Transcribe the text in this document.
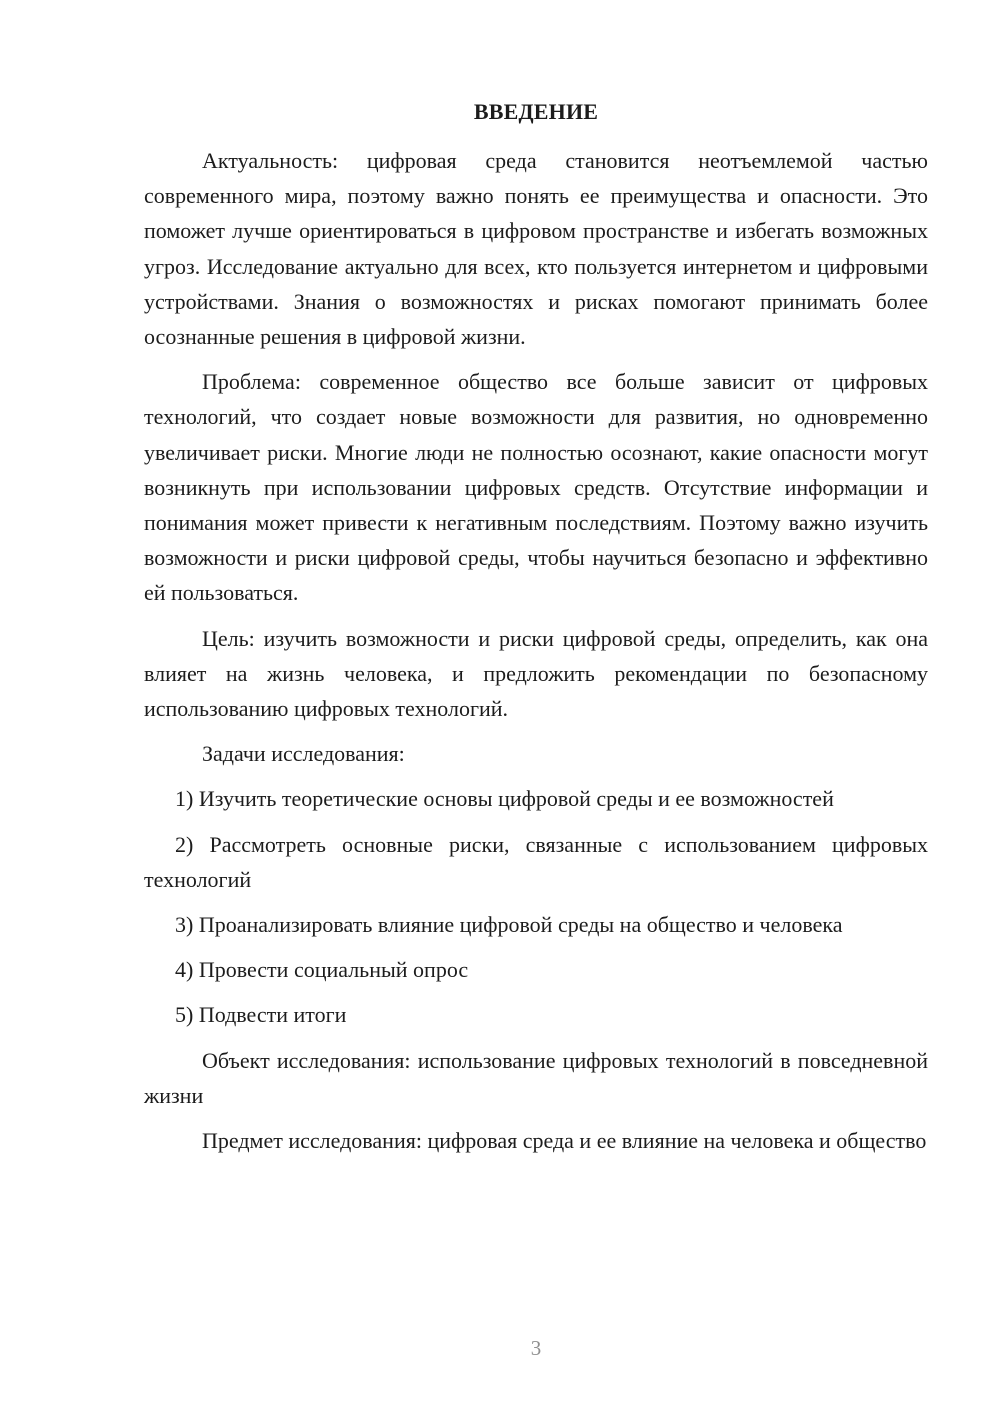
ВВЕДЕНИЕ

Актуальность: цифровая среда становится неотъемлемой частью современного мира, поэтому важно понять ее преимущества и опасности. Это поможет лучше ориентироваться в цифровом пространстве и избегать возможных угроз. Исследование актуально для всех, кто пользуется интернетом и цифровыми устройствами. Знания о возможностях и рисках помогают принимать более осознанные решения в цифровой жизни.

Проблема: современное общество все больше зависит от цифровых технологий, что создает новые возможности для развития, но одновременно увеличивает риски. Многие люди не полностью осознают, какие опасности могут возникнуть при использовании цифровых средств. Отсутствие информации и понимания может привести к негативным последствиям. Поэтому важно изучить возможности и риски цифровой среды, чтобы научиться безопасно и эффективно ей пользоваться.

Цель: изучить возможности и риски цифровой среды, определить, как она влияет на жизнь человека, и предложить рекомендации по безопасному использованию цифровых технологий.

Задачи исследования:

1) Изучить теоретические основы цифровой среды и ее возможностей

2) Рассмотреть основные риски, связанные с использованием цифровых технологий

3) Проанализировать влияние цифровой среды на общество и человека

4) Провести социальный опрос

5) Подвести итоги

Объект исследования: использование цифровых технологий в повседневной жизни

Предмет исследования: цифровая среда и ее влияние на человека и общество

3
